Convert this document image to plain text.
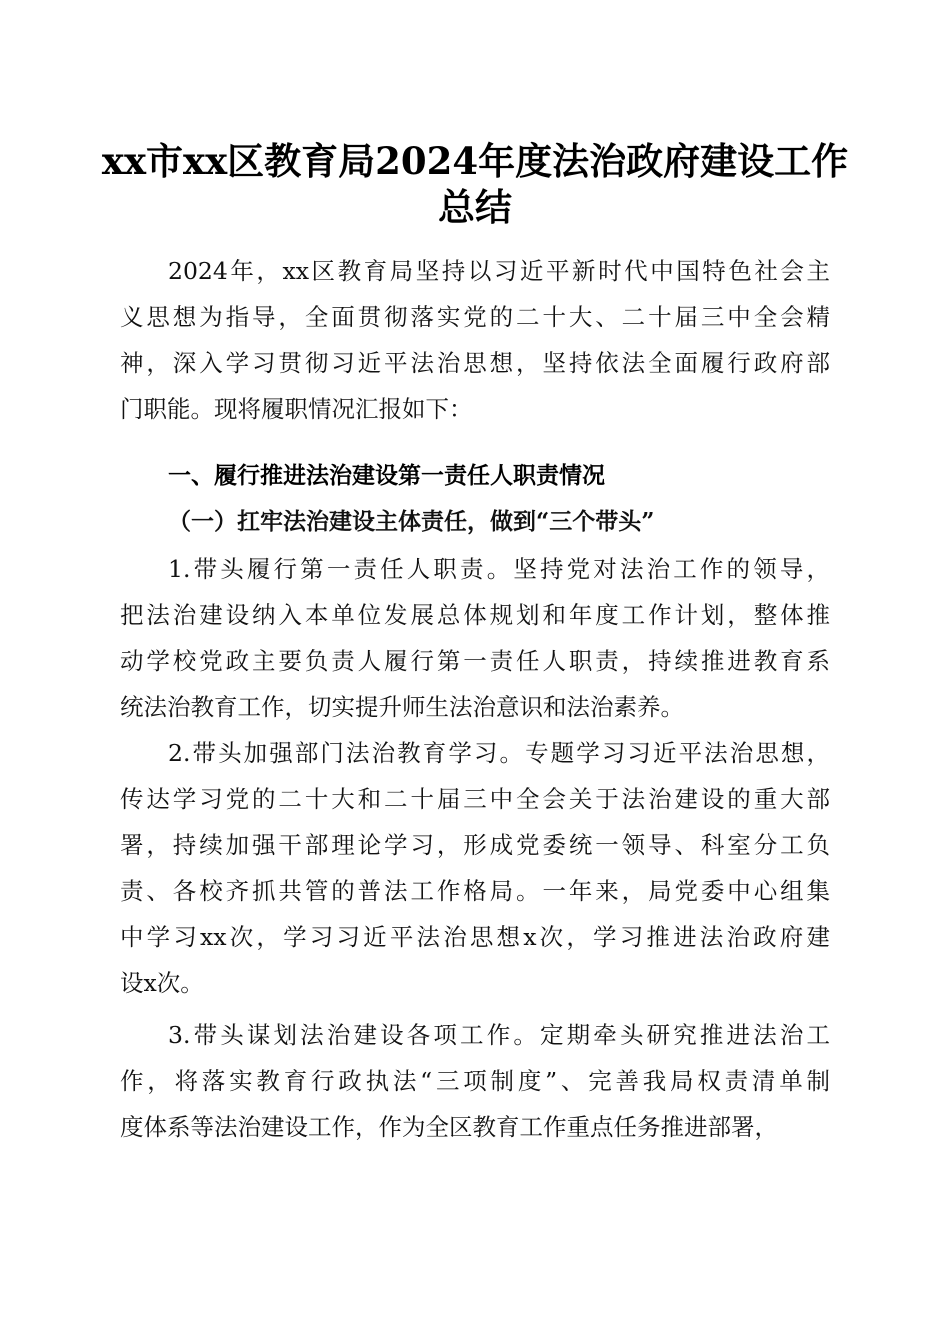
xx市xx区教育局2024年度法治政府建设工作
总结
2024年，xx区教育局坚持以习近平新时代中国特色社会主
义思想为指导，全面贯彻落实党的二十大、二十届三中全会精
神，深入学习贯彻习近平法治思想，坚持依法全面履行政府部
门职能。现将履职情况汇报如下：
1.带头履行第一责任人职责。坚持党对法治工作的领导，
把法治建设纳入本单位发展总体规划和年度工作计划，整体推
动学校党政主要负责人履行第一责任人职责，持续推进教育系
统法治教育工作，切实提升师生法治意识和法治素养。
2.带头加强部门法治教育学习。专题学习习近平法治思想，
传达学习党的二十大和二十届三中全会关于法治建设的重大部
署，持续加强干部理论学习，形成党委统一领导、科室分工负
责、各校齐抓共管的普法工作格局。一年来，局党委中心组集
中学习xx次，学习习近平法治思想x次，学习推进法治政府建
设x次。
3.带头谋划法治建设各项工作。定期牵头研究推进法治工
作，将落实教育行政执法“三项制度”、完善我局权责清单制
度体系等法治建设工作，作为全区教育工作重点任务推进部署，
一、履行推进法治建设第一责任人职责情况
（一）扛牢法治建设主体责任，做到“三个带头”
